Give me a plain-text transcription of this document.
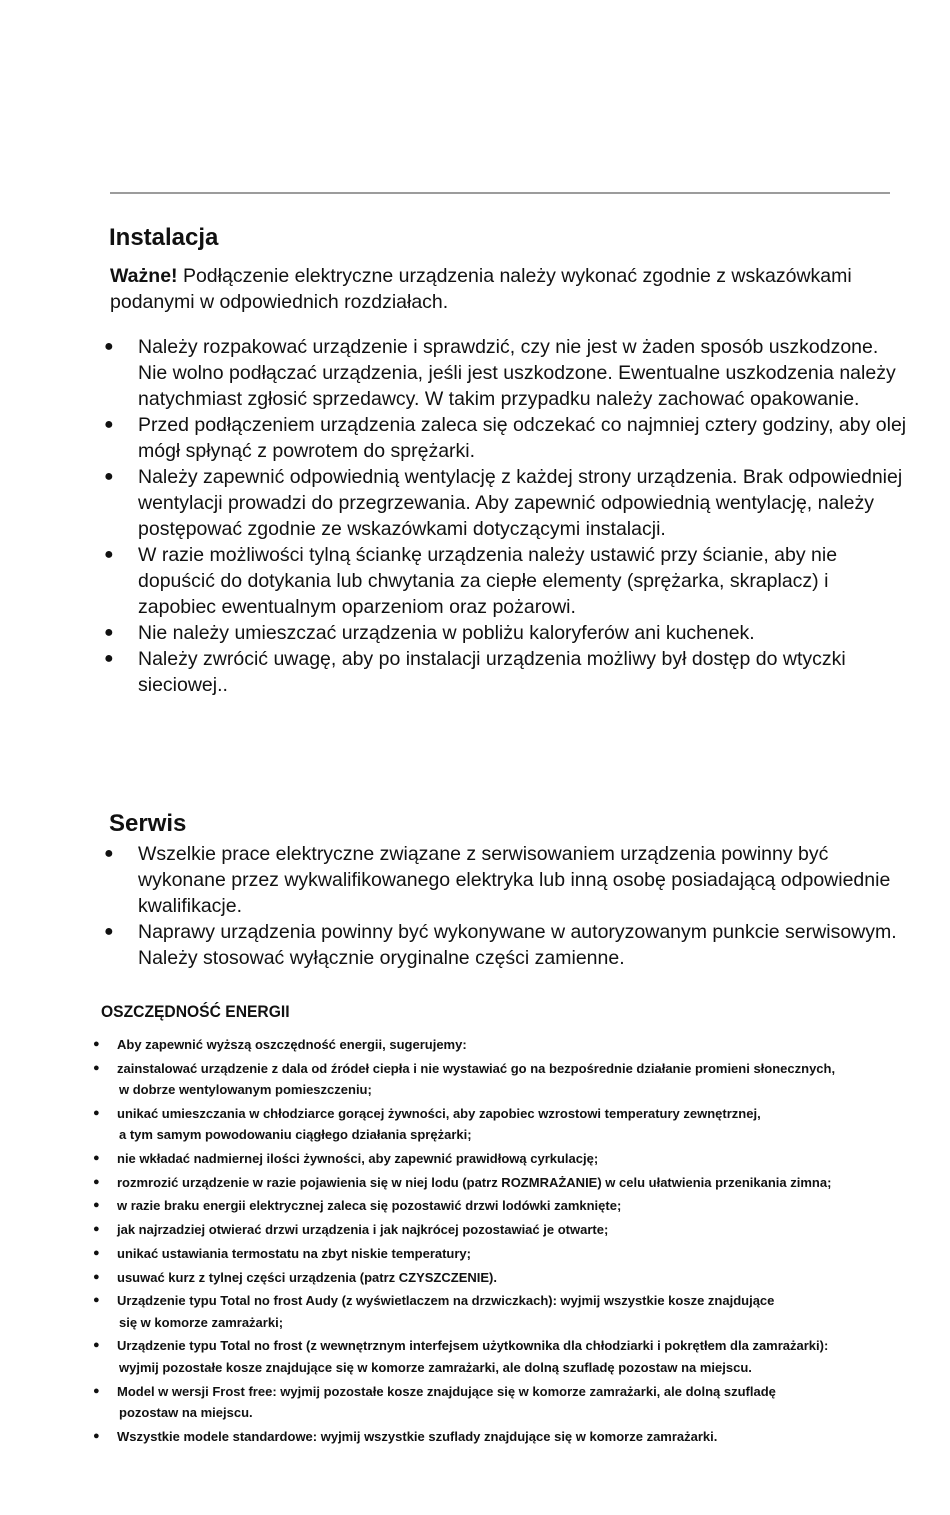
Instalacja

Ważne! Podłączenie elektryczne urządzenia należy wykonać zgodnie z wskazówkami podanymi w odpowiednich rozdziałach.

● Należy rozpakować urządzenie i sprawdzić, czy nie jest w żaden sposób uszkodzone. Nie wolno podłączać urządzenia, jeśli jest uszkodzone. Ewentualne uszkodzenia należy natychmiast zgłosić sprzedawcy. W takim przypadku należy zachować opakowanie.
● Przed podłączeniem urządzenia zaleca się odczekać co najmniej cztery godziny, aby olej mógł spłynąć z powrotem do sprężarki.
● Należy zapewnić odpowiednią wentylację z każdej strony urządzenia. Brak odpowiedniej wentylacji prowadzi do przegrzewania. Aby zapewnić odpowiednią wentylację, należy postępować zgodnie ze wskazówkami dotyczącymi instalacji.
● W razie możliwości tylną ściankę urządzenia należy ustawić przy ścianie, aby nie dopuścić do dotykania lub chwytania za ciepłe elementy (sprężarka, skraplacz) i zapobiec ewentualnym oparzeniom oraz pożarowi.
● Nie należy umieszczać urządzenia w pobliżu kaloryferów ani kuchenek.
● Należy zwrócić uwagę, aby po instalacji urządzenia możliwy był dostęp do wtyczki sieciowej..
Serwis
● Wszelkie prace elektryczne związane z serwisowaniem urządzenia powinny być wykonane przez wykwalifikowanego elektryka lub inną osobę posiadającą odpowiednie kwalifikacje.
● Naprawy urządzenia powinny być wykonywane w autoryzowanym punkcie serwisowym. Należy stosować wyłącznie oryginalne części zamienne.
OSZCZĘDNOŚĆ ENERGII
● Aby zapewnić wyższą oszczędność energii, sugerujemy:
● zainstalować urządzenie z dala od źródeł ciepła i nie wystawiać go na bezpośrednie działanie promieni słonecznych,
w dobrze wentylowanym pomieszczeniu;
● unikać umieszczania w chłodziarce gorącej żywności, aby zapobiec wzrostowi temperatury zewnętrznej,
a tym samym powodowaniu ciągłego działania sprężarki;
● nie wkładać nadmiernej ilości żywności, aby zapewnić prawidłową cyrkulację;
● rozmrozić urządzenie w razie pojawienia się w niej lodu (patrz ROZMRAŻANIE) w celu ułatwienia przenikania zimna;
● w razie braku energii elektrycznej zaleca się pozostawić drzwi lodówki zamknięte;
● jak najrzadziej otwierać drzwi urządzenia i jak najkrócej pozostawiać je otwarte;
● unikać ustawiania termostatu na zbyt niskie temperatury;
● usuwać kurz z tylnej części urządzenia (patrz CZYSZCZENIE).
● Urządzenie typu Total no frost Audy (z wyświetlaczem na drzwiczkach): wyjmij wszystkie kosze znajdujące
się w komorze zamrażarki;
● Urządzenie typu Total no frost (z wewnętrznym interfejsem użytkownika dla chłodziarki i pokrętłem dla zamrażarki):
wyjmij pozostałe kosze znajdujące się w komorze zamrażarki, ale dolną szufladę pozostaw na miejscu.
● Model w wersji Frost free: wyjmij pozostałe kosze znajdujące się w komorze zamrażarki, ale dolną szufladę
pozostaw na miejscu.
● Wszystkie modele standardowe: wyjmij wszystkie szuflady znajdujące się w komorze zamrażarki.
